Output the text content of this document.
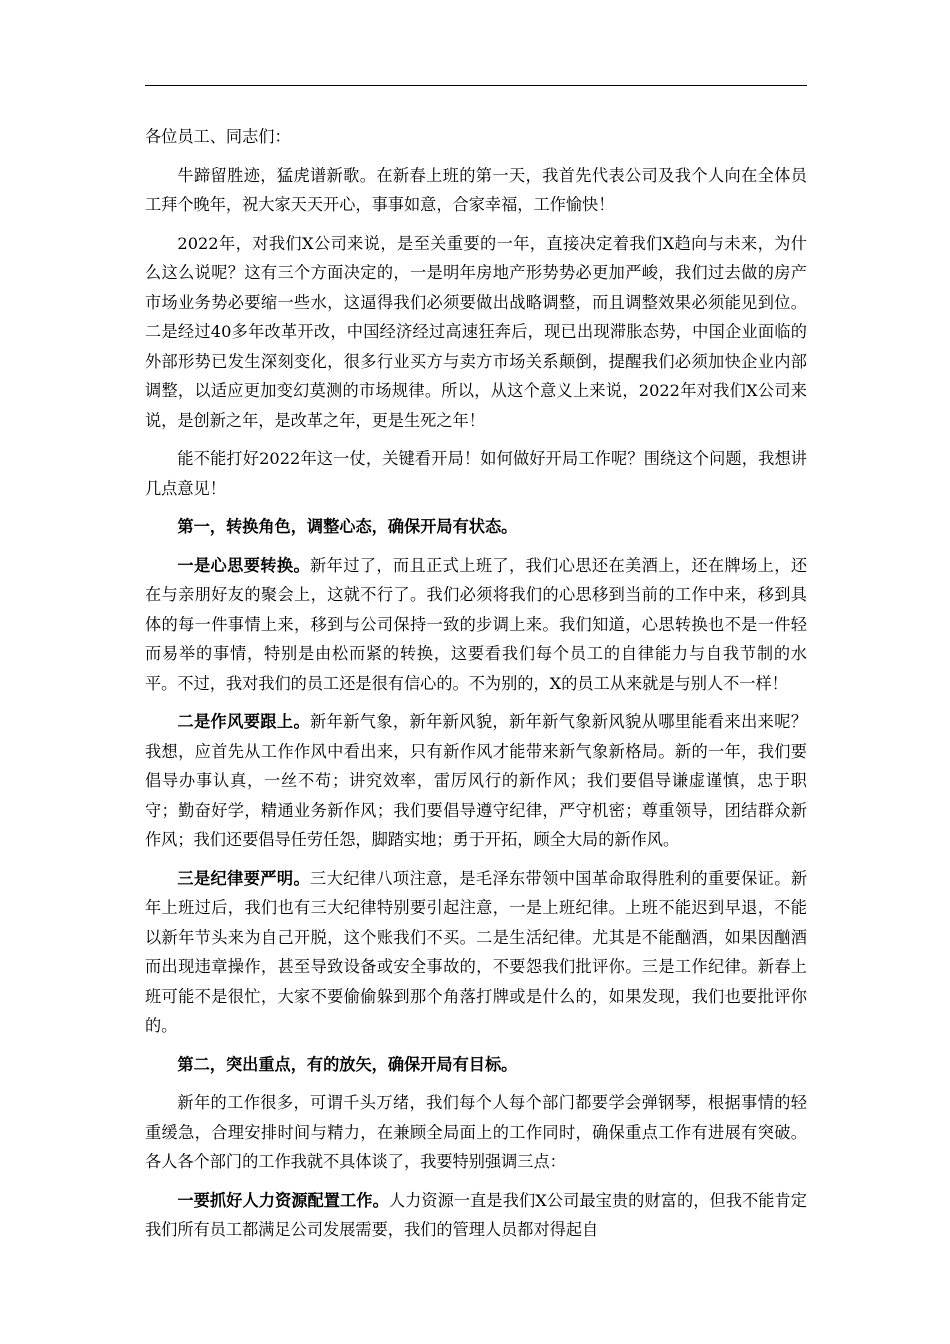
各位员工、同志们：

牛蹄留胜迹，猛虎谱新歌。在新春上班的第一天，我首先代表公司及我个人向在全体员工拜个晚年，祝大家天天开心，事事如意，合家幸福，工作愉快！

2022年，对我们X公司来说，是至关重要的一年，直接决定着我们X趋向与未来，为什么这么说呢？这有三个方面决定的，一是明年房地产形势势必更加严峻，我们过去做的房产市场业务势必要缩一些水，这逼得我们必须要做出战略调整，而且调整效果必须能见到位。二是经过40多年改革开改，中国经济经过高速狂奔后，现已出现滞胀态势，中国企业面临的外部形势已发生深刻变化，很多行业买方与卖方市场关系颠倒，提醒我们必须加快企业内部调整，以适应更加变幻莫测的市场规律。所以，从这个意义上来说，2022年对我们X公司来说，是创新之年，是改革之年，更是生死之年！

能不能打好2022年这一仗，关键看开局！如何做好开局工作呢？围绕这个问题，我想讲几点意见！

第一，转换角色，调整心态，确保开局有状态。

一是心思要转换。新年过了，而且正式上班了，我们心思还在美酒上，还在牌场上，还在与亲朋好友的聚会上，这就不行了。我们必须将我们的心思移到当前的工作中来，移到具体的每一件事情上来，移到与公司保持一致的步调上来。我们知道，心思转换也不是一件轻而易举的事情，特别是由松而紧的转换，这要看我们每个员工的自律能力与自我节制的水平。不过，我对我们的员工还是很有信心的。不为别的，X的员工从来就是与别人不一样！

二是作风要跟上。新年新气象，新年新风貌，新年新气象新风貌从哪里能看来出来呢？我想，应首先从工作作风中看出来，只有新作风才能带来新气象新格局。新的一年，我们要倡导办事认真，一丝不苟；讲究效率，雷厉风行的新作风；我们要倡导谦虚谨慎，忠于职守；勤奋好学，精通业务新作风；我们要倡导遵守纪律，严守机密；尊重领导，团结群众新作风；我们还要倡导任劳任怨，脚踏实地；勇于开拓，顾全大局的新作风。

三是纪律要严明。三大纪律八项注意，是毛泽东带领中国革命取得胜利的重要保证。新年上班过后，我们也有三大纪律特别要引起注意，一是上班纪律。上班不能迟到早退，不能以新年节头来为自己开脱，这个账我们不买。二是生活纪律。尤其是不能酗酒，如果因酗酒而出现违章操作，甚至导致设备或安全事故的，不要怨我们批评你。三是工作纪律。新春上班可能不是很忙，大家不要偷偷躲到那个角落打牌或是什么的，如果发现，我们也要批评你的。

第二，突出重点，有的放矢，确保开局有目标。

新年的工作很多，可谓千头万绪，我们每个人每个部门都要学会弹钢琴，根据事情的轻重缓急，合理安排时间与精力，在兼顾全局面上的工作同时，确保重点工作有进展有突破。各人各个部门的工作我就不具体谈了，我要特别强调三点：

一要抓好人力资源配置工作。人力资源一直是我们X公司最宝贵的财富的，但我不能肯定我们所有员工都满足公司发展需要，我们的管理人员都对得起自
